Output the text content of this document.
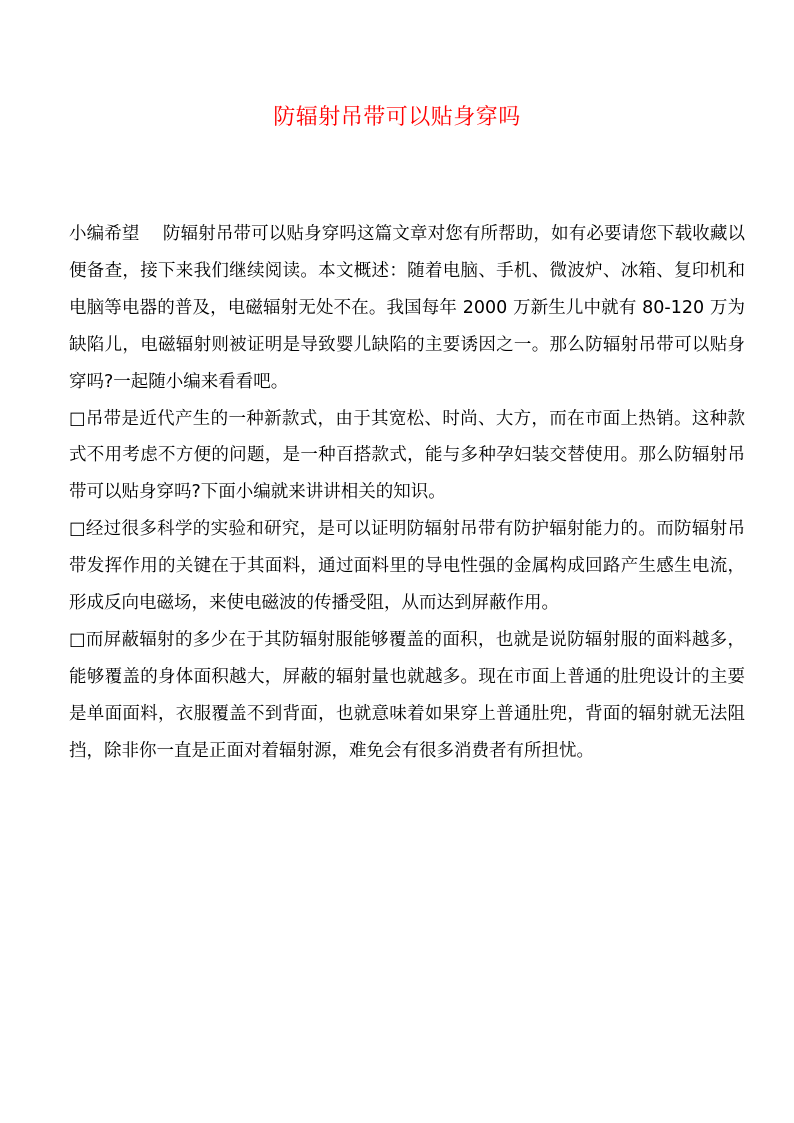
防辐射吊带可以贴身穿吗

小编希望　 防辐射吊带可以贴身穿吗这篇文章对您有所帮助，如有必要请您下载收藏以便备查，接下来我们继续阅读。本文概述：随着电脑、手机、微波炉、冰箱、复印机和电脑等电器的普及，电磁辐射无处不在。我国每年 2000 万新生儿中就有 80-120 万为缺陷儿，电磁辐射则被证明是导致婴儿缺陷的主要诱因之一。那么防辐射吊带可以贴身穿吗?一起随小编来看看吧。

□吊带是近代产生的一种新款式，由于其宽松、时尚、大方，而在市面上热销。这种款式不用考虑不方便的问题，是一种百搭款式，能与多种孕妇装交替使用。那么防辐射吊带可以贴身穿吗?下面小编就来讲讲相关的知识。

□经过很多科学的实验和研究，是可以证明防辐射吊带有防护辐射能力的。而防辐射吊带发挥作用的关键在于其面料，通过面料里的导电性强的金属构成回路产生感生电流，形成反向电磁场，来使电磁波的传播受阻，从而达到屏蔽作用。

□而屏蔽辐射的多少在于其防辐射服能够覆盖的面积，也就是说防辐射服的面料越多，能够覆盖的身体面积越大，屏蔽的辐射量也就越多。现在市面上普通的肚兜设计的主要是单面面料，衣服覆盖不到背面，也就意味着如果穿上普通肚兜，背面的辐射就无法阻挡，除非你一直是正面对着辐射源，难免会有很多消费者有所担忧。
